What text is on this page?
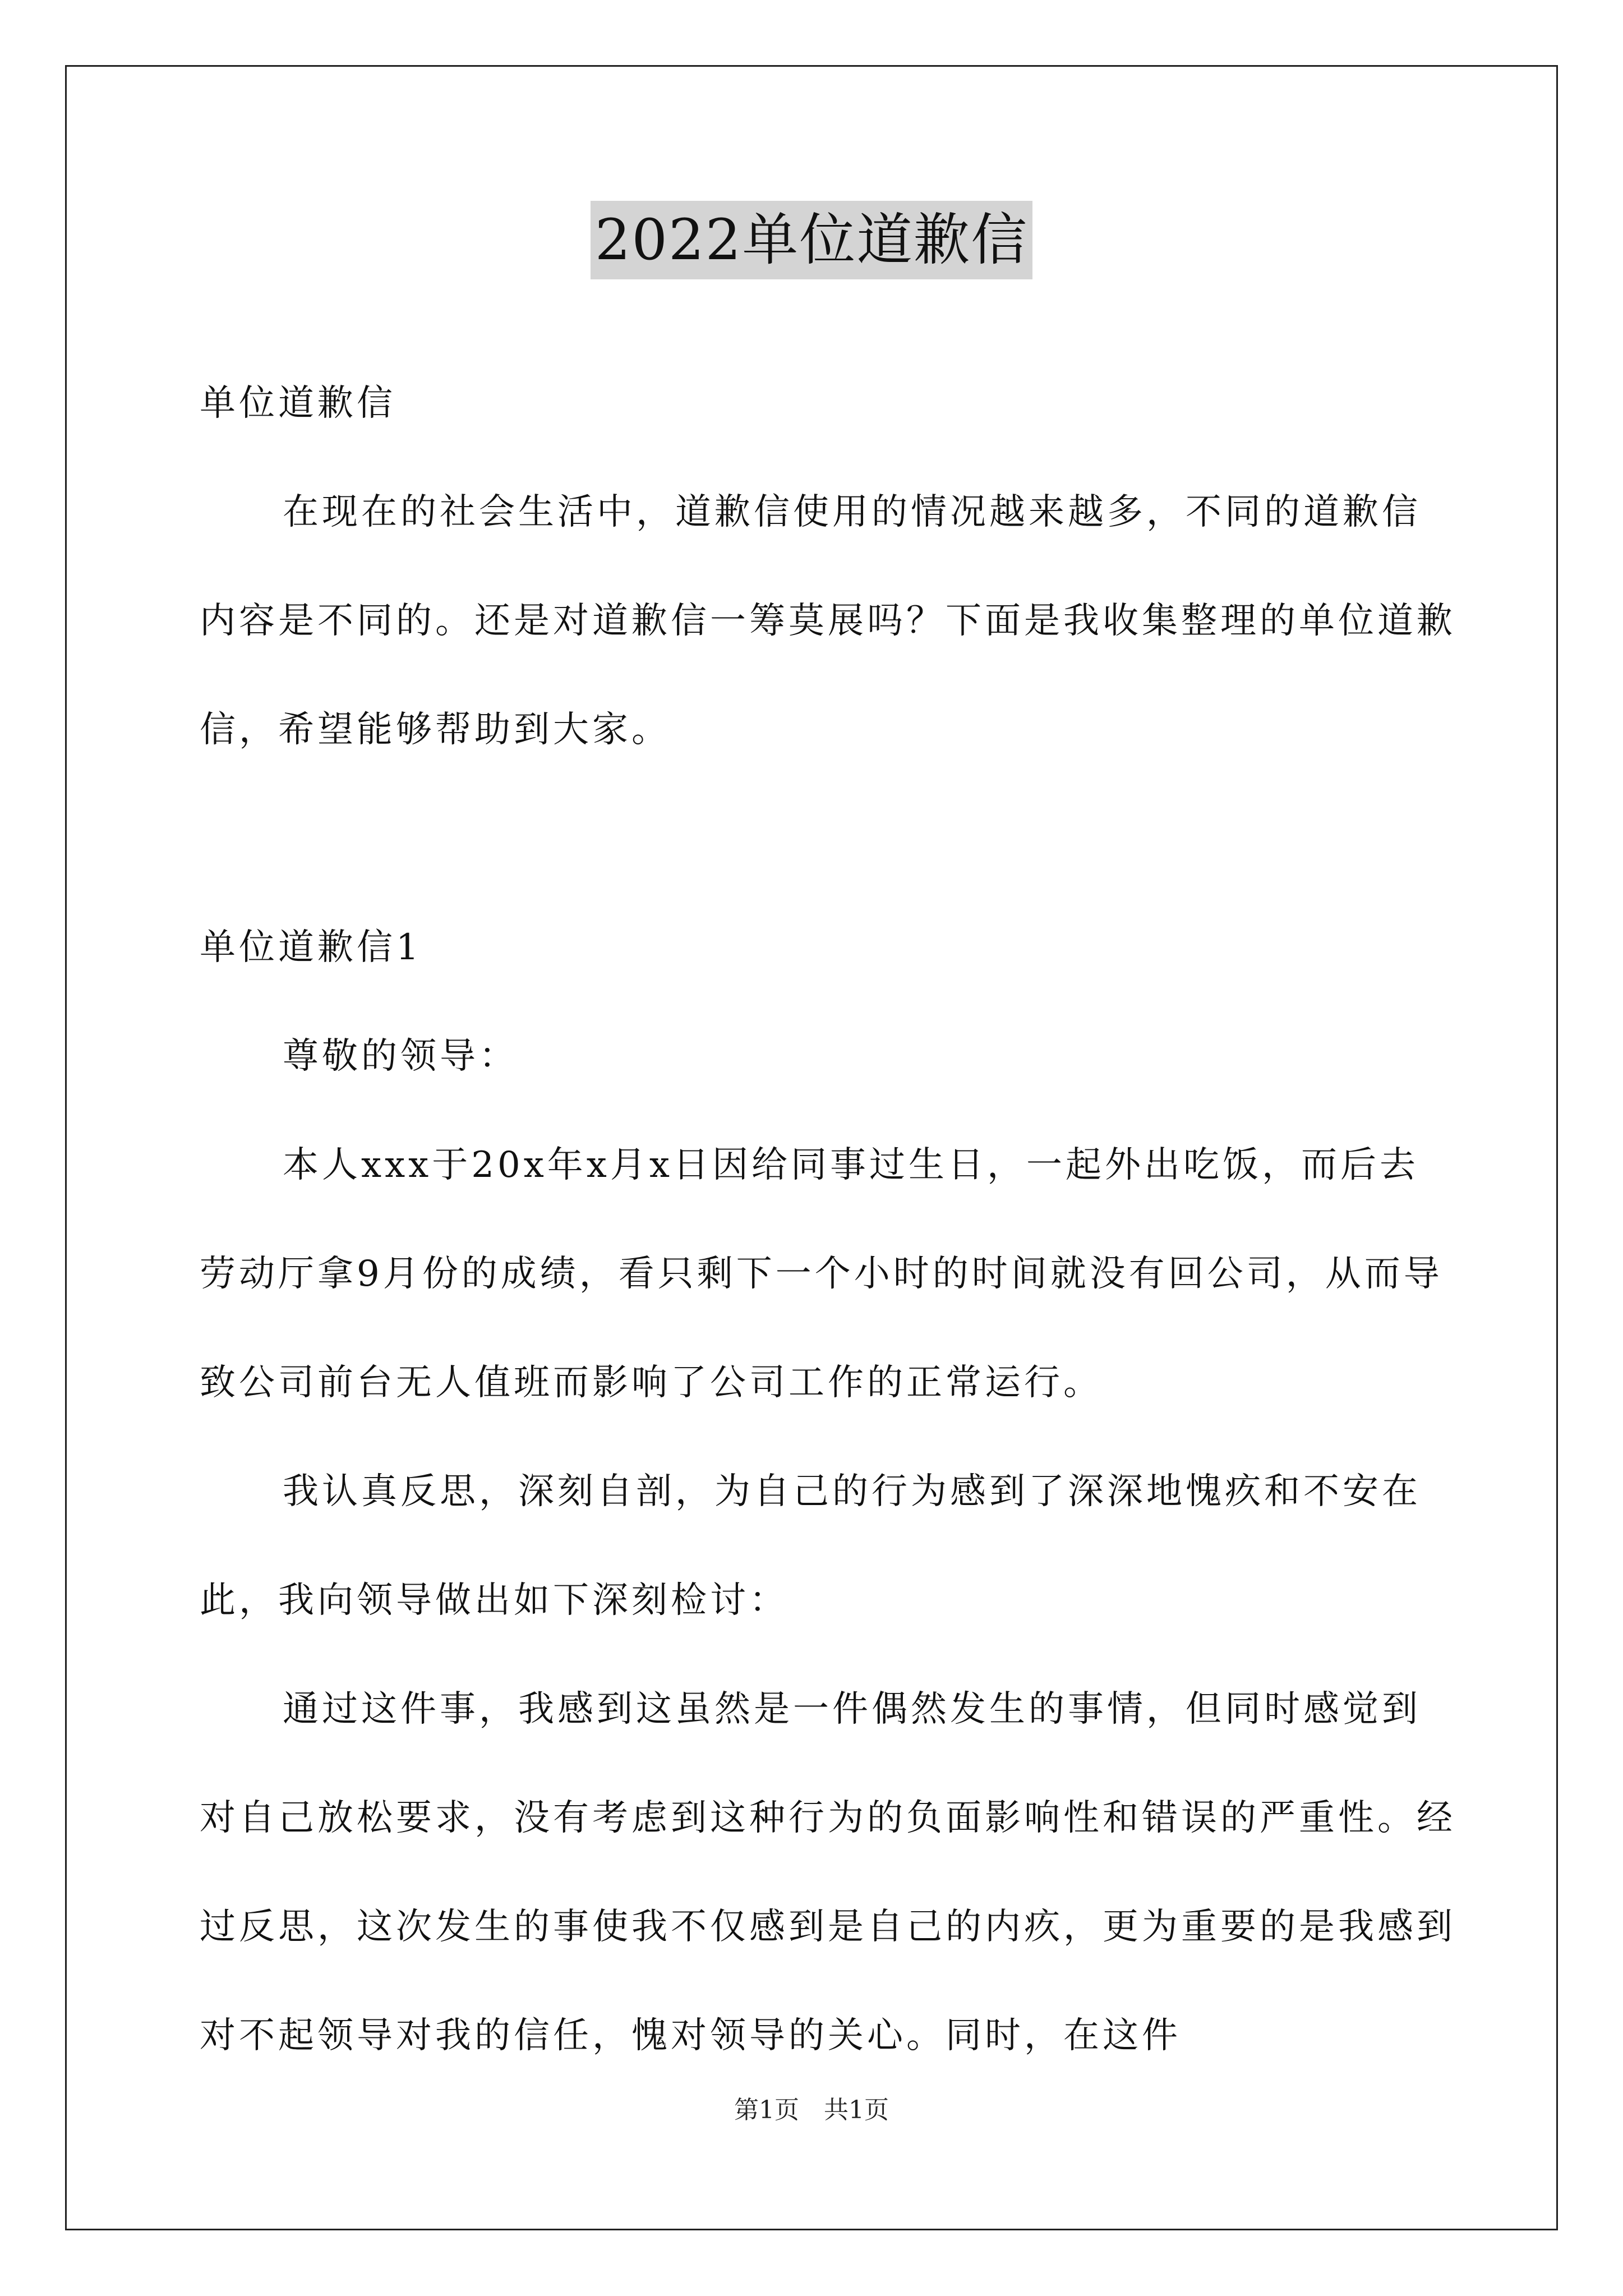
2022单位道歉信

单位道歉信

在现在的社会生活中，道歉信使用的情况越来越多，不同的道歉信内容是不同的。还是对道歉信一筹莫展吗？下面是我收集整理的单位道歉信，希望能够帮助到大家。

单位道歉信1

尊敬的领导：

本人xxx于20x年x月x日因给同事过生日，一起外出吃饭，而后去劳动厅拿9月份的成绩，看只剩下一个小时的时间就没有回公司，从而导致公司前台无人值班而影响了公司工作的正常运行。

我认真反思，深刻自剖，为自己的行为感到了深深地愧疚和不安在此，我向领导做出如下深刻检讨：

通过这件事，我感到这虽然是一件偶然发生的事情，但同时感觉到对自己放松要求，没有考虑到这种行为的负面影响性和错误的严重性。经过反思，这次发生的事使我不仅感到是自己的内疚，更为重要的是我感到对不起领导对我的信任，愧对领导的关心。同时，在这件

第1页　共1页
